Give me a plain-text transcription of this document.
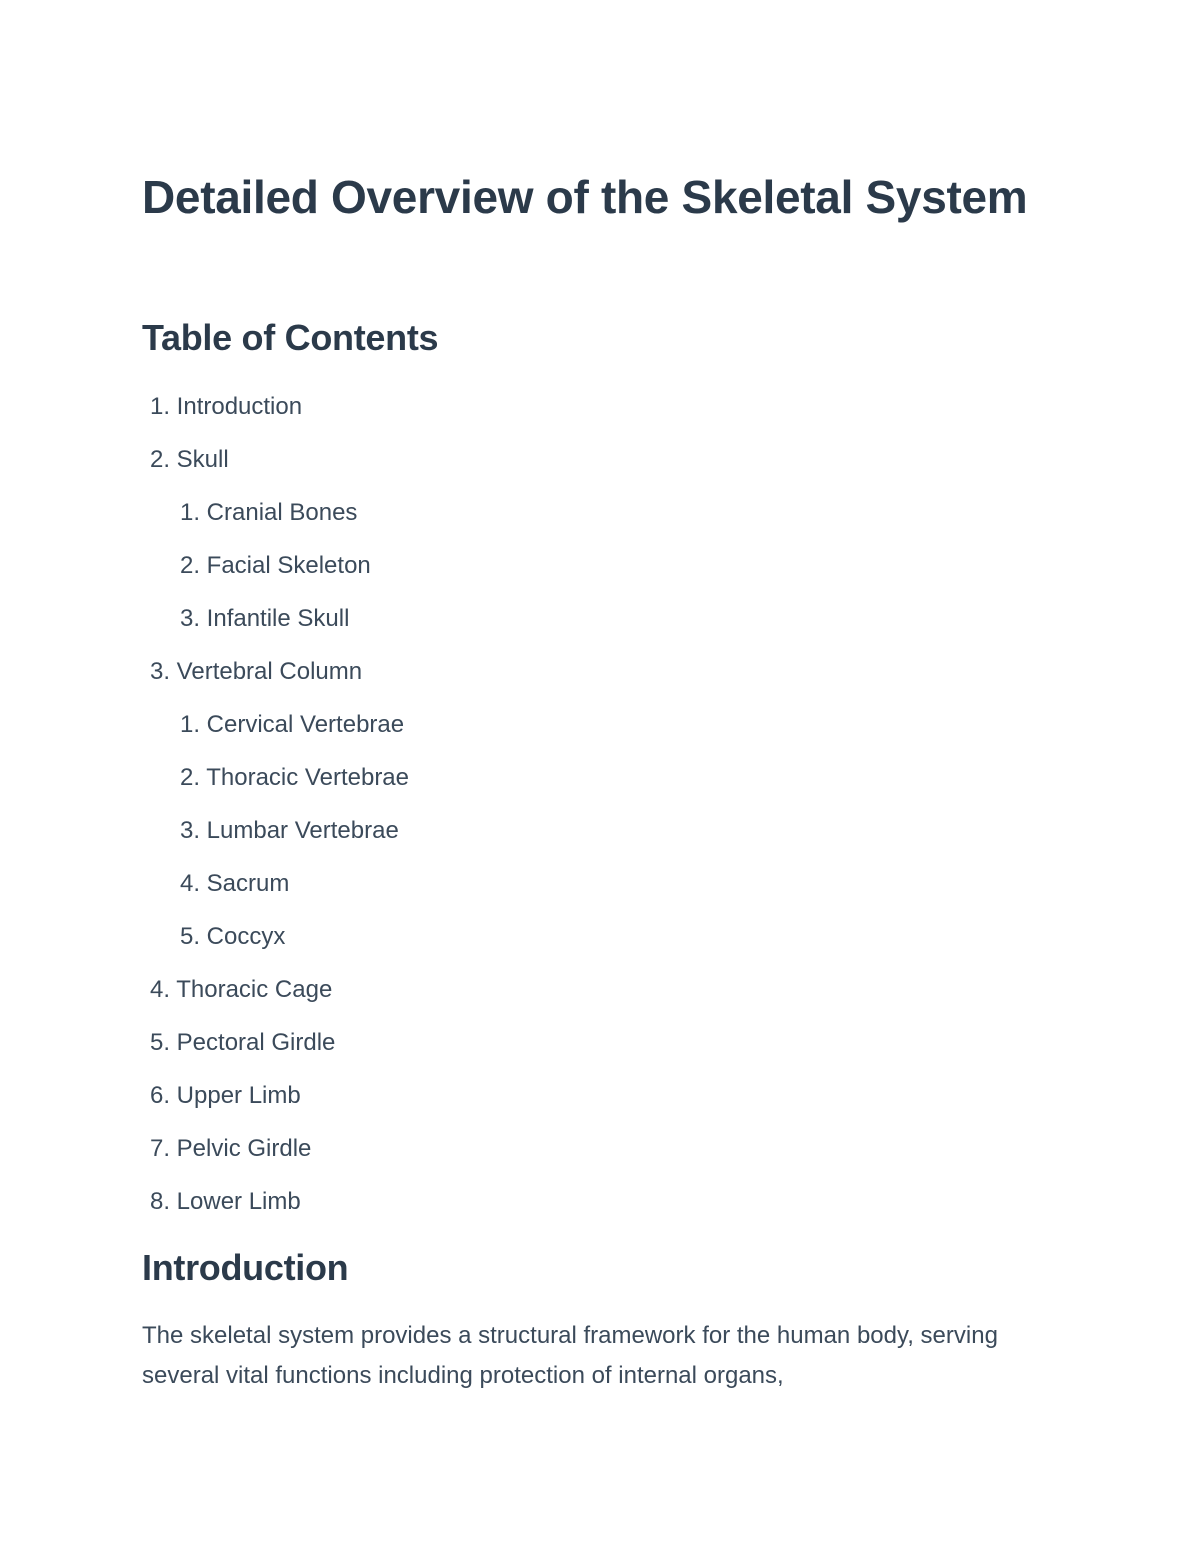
Detailed Overview of the Skeletal System
Table of Contents
1. Introduction
2. Skull
1. Cranial Bones
2. Facial Skeleton
3. Infantile Skull
3. Vertebral Column
1. Cervical Vertebrae
2. Thoracic Vertebrae
3. Lumbar Vertebrae
4. Sacrum
5. Coccyx
4. Thoracic Cage
5. Pectoral Girdle
6. Upper Limb
7. Pelvic Girdle
8. Lower Limb
Introduction

The skeletal system provides a structural framework for the human body, serving several vital functions including protection of internal organs,
